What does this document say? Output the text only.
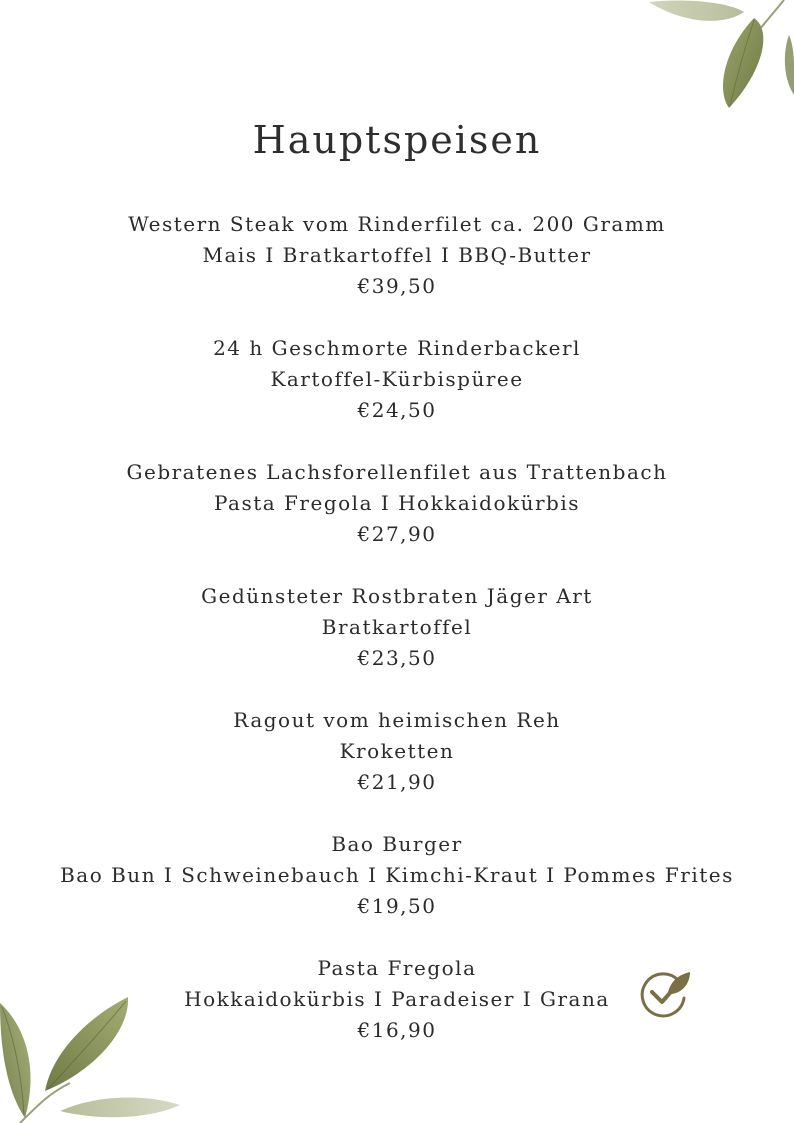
Hauptspeisen
Western Steak vom Rinderfilet ca. 200 Gramm
Mais I Bratkartoffel I BBQ-Butter
€39,50
24 h Geschmorte Rinderbackerl
Kartoffel-Kürbispüree
€24,50
Gebratenes Lachsforellenfilet aus Trattenbach
Pasta Fregola I Hokkaidokürbis
€27,90
Gedünsteter Rostbraten Jäger Art
Bratkartoffel
€23,50
Ragout vom heimischen Reh
Kroketten
€21,90
Bao Burger
Bao Bun I Schweinebauch I Kimchi-Kraut I Pommes Frites
€19,50
Pasta Fregola
Hokkaidokürbis I Paradeiser I Grana
€16,90
